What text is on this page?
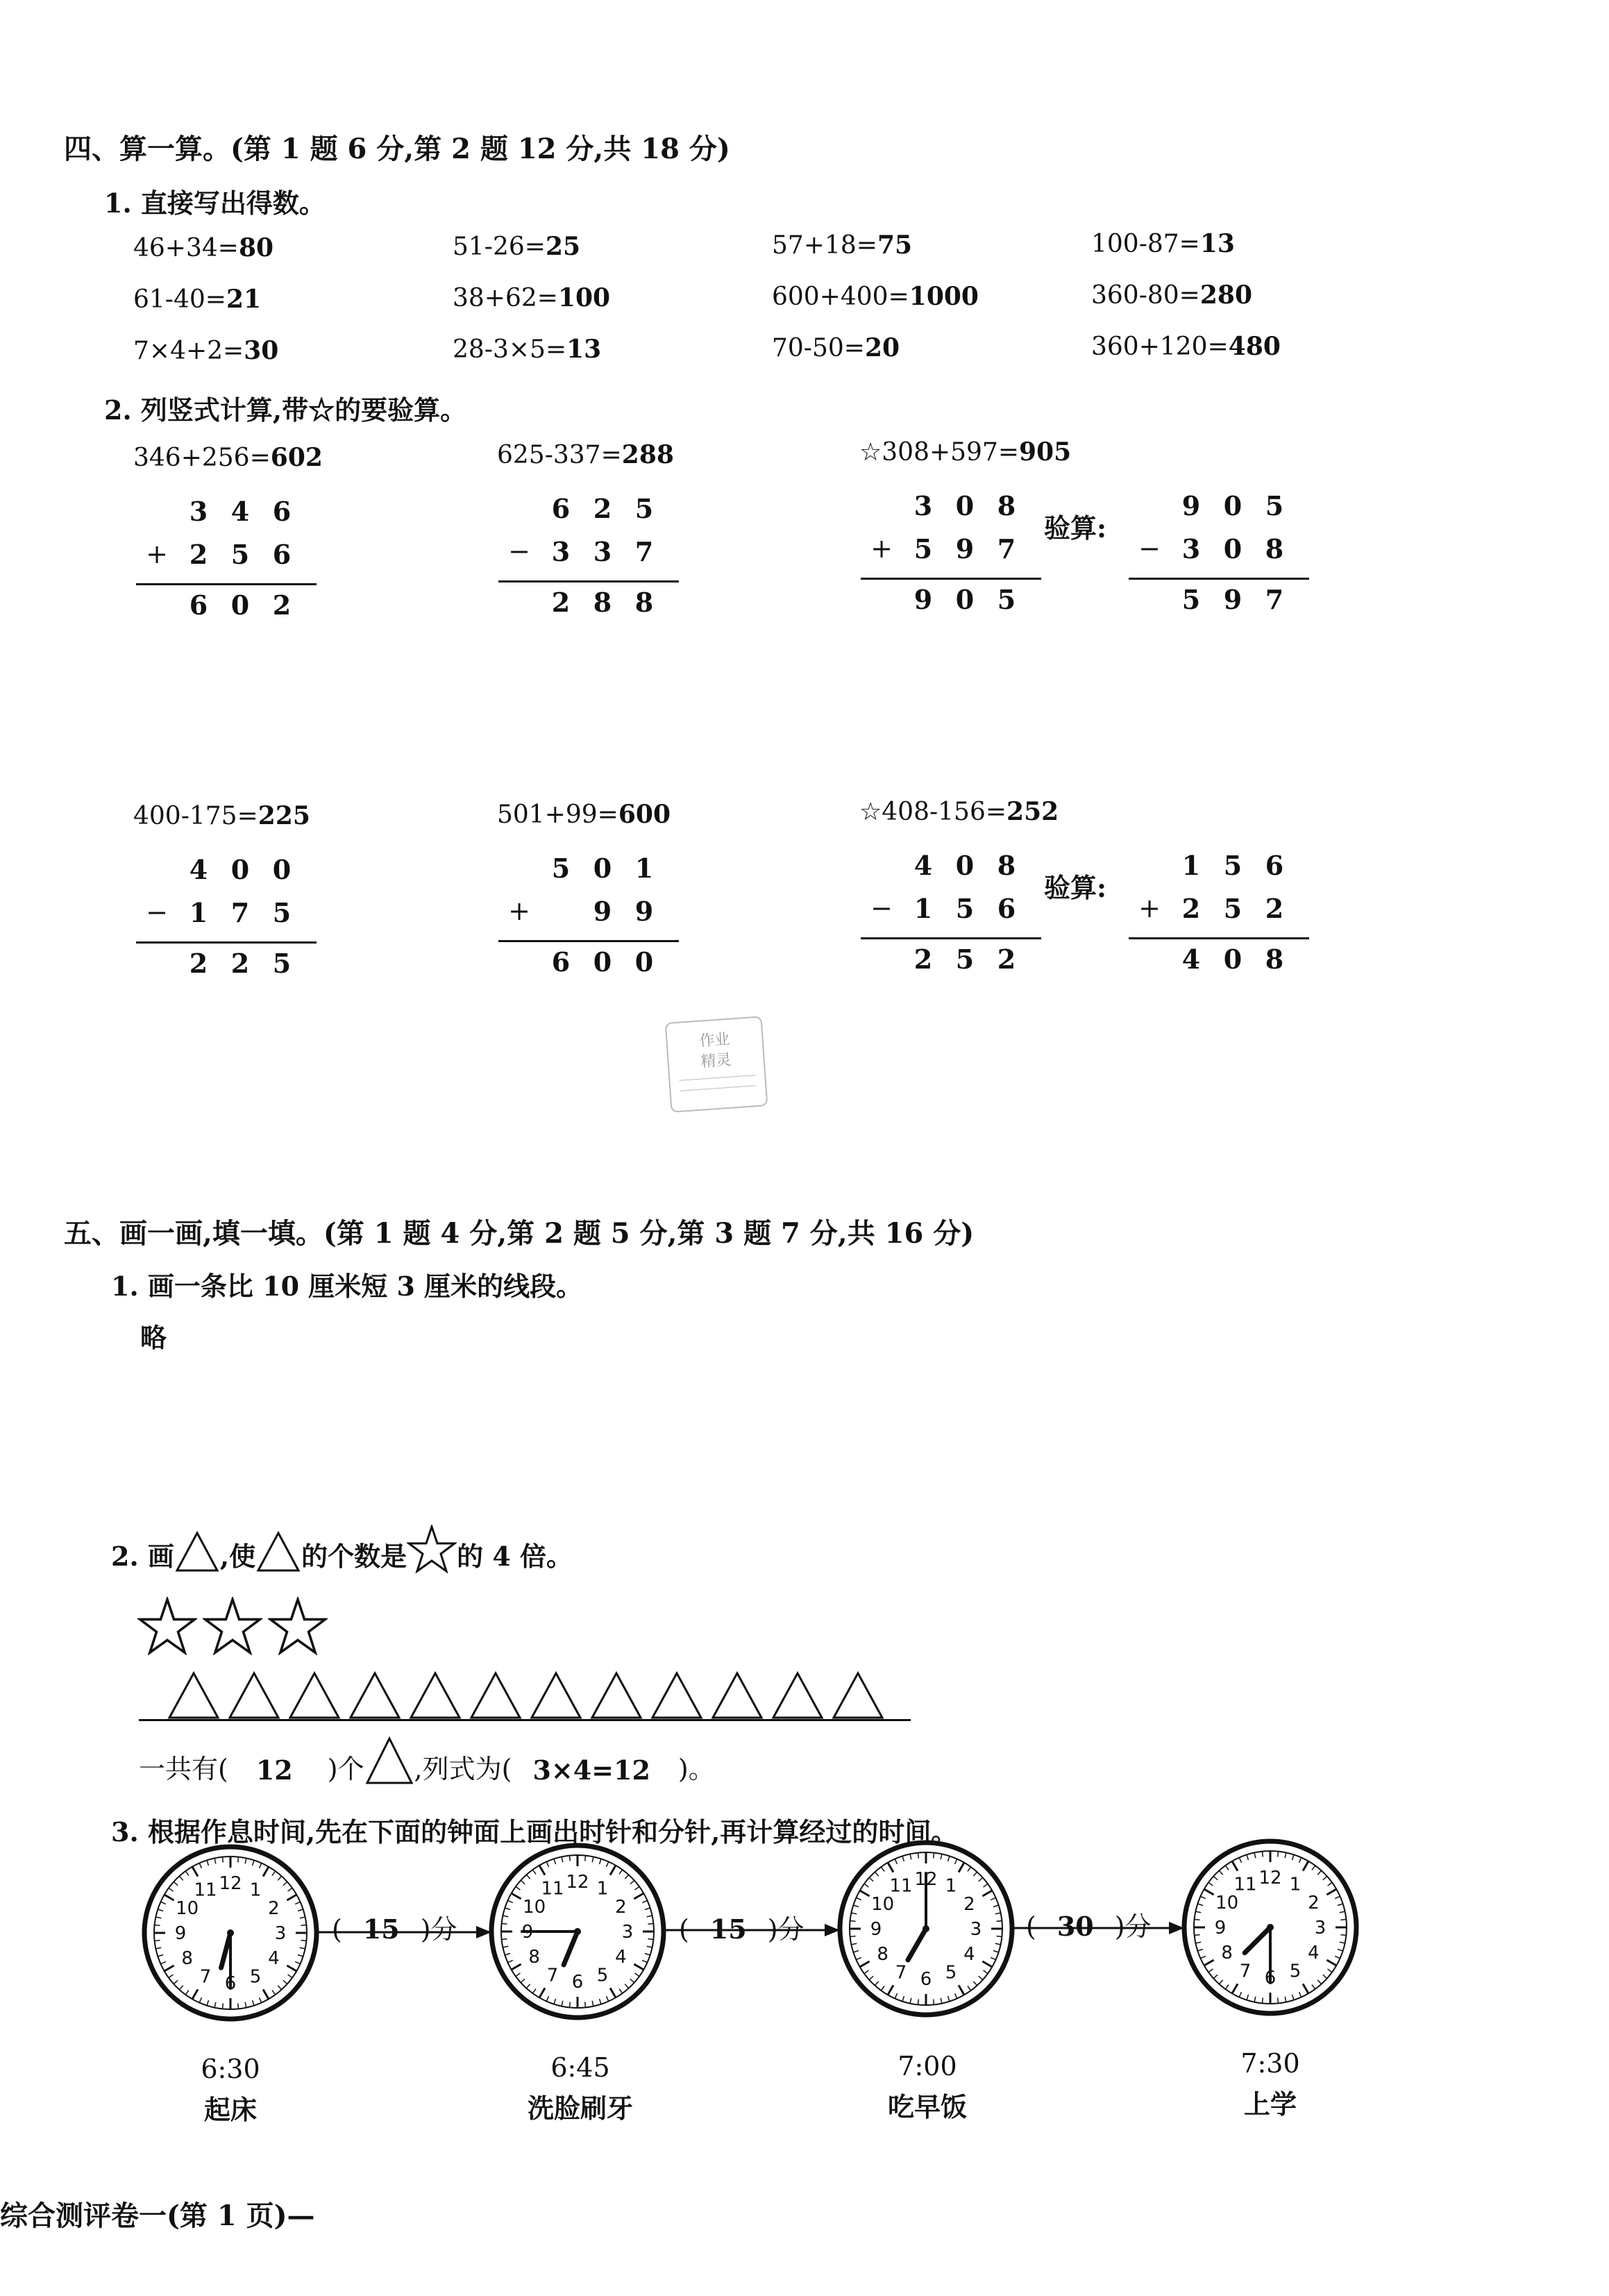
四、算一算。(第 1 题 6 分,第 2 题 12 分,共 18 分)
1. 直接写出得数。
46+34=80	51-26=25	57+18=75	100-87=13
61-40=21	38+62=100	600+400=1000	360-80=280
7×4+2=30	28-3×5=13	70-50=20	360+120=480
2. 列竖式计算,带☆的要验算。
346+256=602	625-337=288	☆308+597=905
3 4 6
+ 2 5 6
6 0 2
6 2 5
− 3 3 7
2 8 8
3 0 8
+ 5 9 7
9 0 5
验算:
9 0 5
− 3 0 8
5 9 7
400-175=225	501+99=600	☆408-156=252
4 0 0
− 1 7 5
2 2 5
5 0 1
+	9 9
6 0 0
4 0 8
− 1 5 6
2 5 2
验算:
1 5 6
+ 2 5 2
4 0 8
作业
精灵
五、画一画,填一填。(第 1 题 4 分,第 2 题 5 分,第 3 题 7 分,共 16 分)
1. 画一条比 10 厘米短 3 厘米的线段。
略
2. 画 ,使 的个数是 的 4 倍。
一共有( 12 )个 ,列式为( 3×4=12 )。
3. 根据作息时间,先在下面的钟面上画出时针和分针,再计算经过的时间。
1
2
3
4
5
6
7
8
9
10
11 12	1
2
3
4
5
6
7
8
9
10
11 12	1
2
3
4
5
6
7
8
9
10
11 12	1
2
3
4
5
6
7
8
9
10
11 12
( 15 )分	( 15 )分	( 30 )分
6:30
起床
6:45
洗脸刷牙
7:00
吃早饭
7:30
上学
综合测评卷一(第 1 页)—
